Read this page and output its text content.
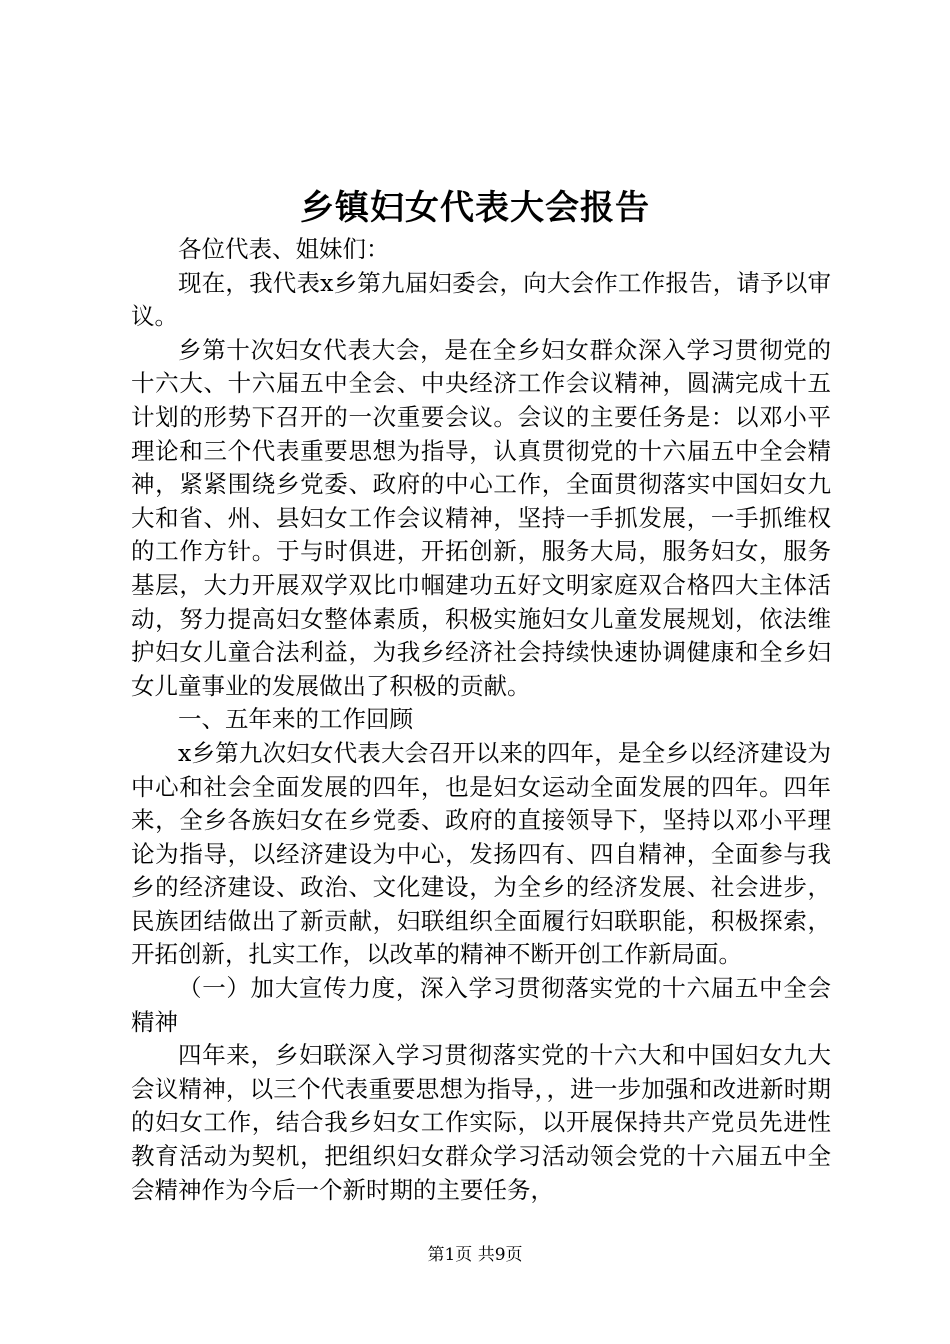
乡镇妇女代表大会报告

各位代表、姐妹们：

现在，我代表x乡第九届妇委会，向大会作工作报告，请予以审议。

乡第十次妇女代表大会，是在全乡妇女群众深入学习贯彻党的十六大、十六届五中全会、中央经济工作会议精神，圆满完成十五计划的形势下召开的一次重要会议。会议的主要任务是：以邓小平理论和三个代表重要思想为指导，认真贯彻党的十六届五中全会精神，紧紧围绕乡党委、政府的中心工作，全面贯彻落实中国妇女九大和省、州、县妇女工作会议精神，坚持一手抓发展，一手抓维权的工作方针。于与时俱进，开拓创新，服务大局，服务妇女，服务基层，大力开展双学双比巾帼建功五好文明家庭双合格四大主体活动，努力提高妇女整体素质，积极实施妇女儿童发展规划，依法维护妇女儿童合法利益，为我乡经济社会持续快速协调健康和全乡妇女儿童事业的发展做出了积极的贡献。

一、五年来的工作回顾

x乡第九次妇女代表大会召开以来的四年，是全乡以经济建设为中心和社会全面发展的四年，也是妇女运动全面发展的四年。四年来，全乡各族妇女在乡党委、政府的直接领导下，坚持以邓小平理论为指导，以经济建设为中心，发扬四有、四自精神，全面参与我乡的经济建设、政治、文化建设，为全乡的经济发展、社会进步，民族团结做出了新贡献，妇联组织全面履行妇联职能，积极探索，开拓创新，扎实工作，以改革的精神不断开创工作新局面。

（一）加大宣传力度，深入学习贯彻落实党的十六届五中全会精神

四年来，乡妇联深入学习贯彻落实党的十六大和中国妇女九大会议精神，以三个代表重要思想为指导，，进一步加强和改进新时期的妇女工作，结合我乡妇女工作实际，以开展保持共产党员先进性教育活动为契机，把组织妇女群众学习活动领会党的十六届五中全会精神作为今后一个新时期的主要任务，

第1页 共9页
